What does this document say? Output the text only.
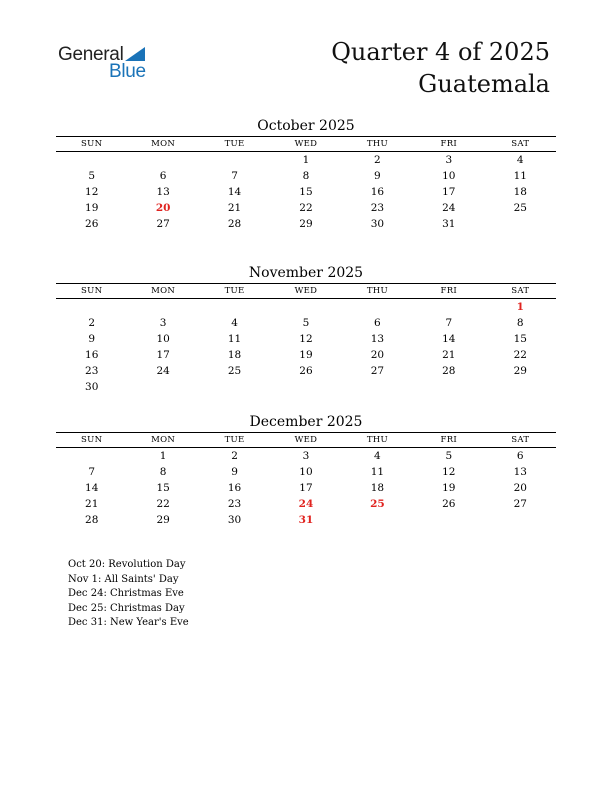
General
Blue
Quarter 4 of 2025
Guatemala
October 2025
SUN	MON	TUE	WED	THU	FRI	SAT
			1	2	3	4
5	6	7	8	9	10	11
12	13	14	15	16	17	18
19	20	21	22	23	24	25
26	27	28	29	30	31	
November 2025
SUN	MON	TUE	WED	THU	FRI	SAT
						1
2	3	4	5	6	7	8
9	10	11	12	13	14	15
16	17	18	19	20	21	22
23	24	25	26	27	28	29
30						
December 2025
SUN	MON	TUE	WED	THU	FRI	SAT
	1	2	3	4	5	6
7	8	9	10	11	12	13
14	15	16	17	18	19	20
21	22	23	24	25	26	27
28	29	30	31			
Oct 20: Revolution Day
Nov 1: All Saints' Day
Dec 24: Christmas Eve
Dec 25: Christmas Day
Dec 31: New Year's Eve
